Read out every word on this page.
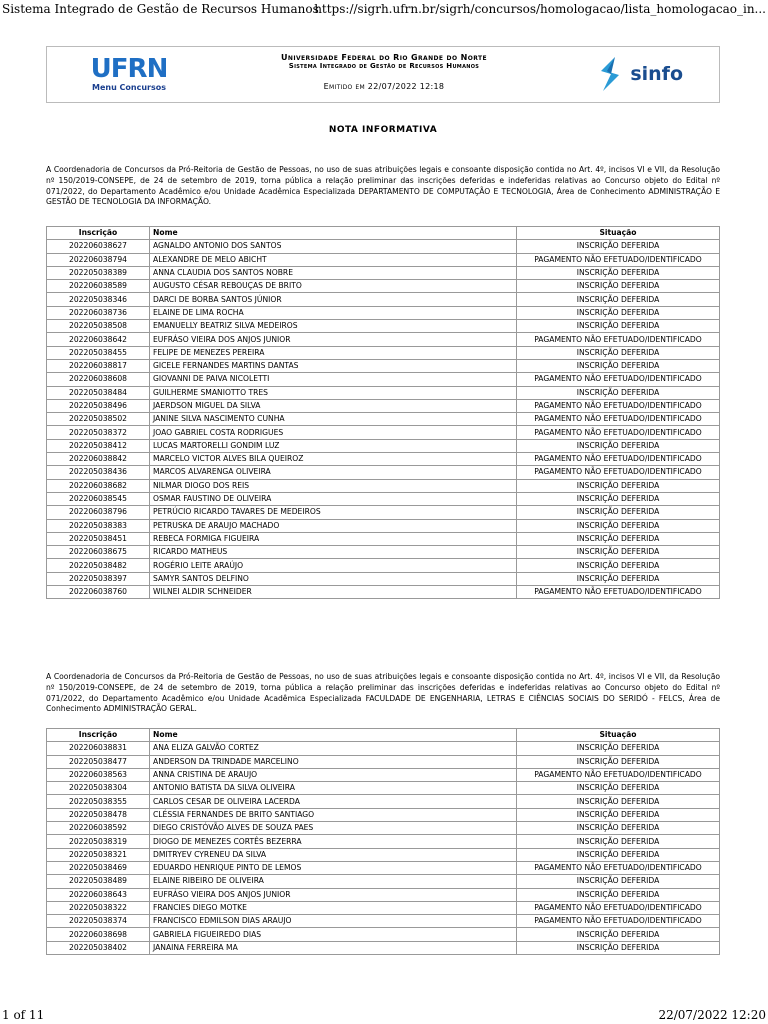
Sistema Integrado de Gestão de Recursos Humanos
https://sigrh.ufrn.br/sigrh/concursos/homologacao/lista_homologacao_in...
UFRN
Menu Concursos
Universidade Federal do Rio Grande do Norte
Sistema Integrado de Gestão de Recursos Humanos
Emitido em 22/07/2022 12:18
sinfo
NOTA INFORMATIVA
A Coordenadoria de Concursos da Pró-Reitoria de Gestão de Pessoas, no uso de suas atribuições legais e consoante disposição contida no Art. 4º, incisos VI e VII, da Resolução nº 150/2019-CONSEPE, de 24 de setembro de 2019, torna pública a relação preliminar das inscrições deferidas e indeferidas relativas ao Concurso objeto do Edital nº 071/2022, do Departamento Acadêmico e/ou Unidade Acadêmica Especializada DEPARTAMENTO DE COMPUTAÇÃO E TECNOLOGIA, Área de Conhecimento ADMINISTRAÇÃO E GESTÃO DE TECNOLOGIA DA INFORMAÇÃO.
Inscrição	Nome	Situação
202206038627	AGNALDO ANTONIO DOS SANTOS	INSCRIÇÃO DEFERIDA
202206038794	ALEXANDRE DE MELO ABICHT	PAGAMENTO NÃO EFETUADO/IDENTIFICADO
202205038389	ANNA CLAUDIA DOS SANTOS NOBRE	INSCRIÇÃO DEFERIDA
202206038589	AUGUSTO CÉSAR REBOUÇAS DE BRITO	INSCRIÇÃO DEFERIDA
202205038346	DARCI DE BORBA SANTOS JÚNIOR	INSCRIÇÃO DEFERIDA
202206038736	ELAINE DE LIMA ROCHA	INSCRIÇÃO DEFERIDA
202205038508	EMANUELLY BEATRIZ SILVA MEDEIROS	INSCRIÇÃO DEFERIDA
202206038642	EUFRÁSO VIEIRA DOS ANJOS JUNIOR	PAGAMENTO NÃO EFETUADO/IDENTIFICADO
202205038455	FELIPE DE MENEZES PEREIRA	INSCRIÇÃO DEFERIDA
202206038817	GICELE FERNANDES MARTINS DANTAS	INSCRIÇÃO DEFERIDA
202206038608	GIOVANNI DE PAIVA NICOLETTI	PAGAMENTO NÃO EFETUADO/IDENTIFICADO
202205038484	GUILHERME SMANIOTTO TRES	INSCRIÇÃO DEFERIDA
202205038496	JAERDSON MIGUEL DA SILVA	PAGAMENTO NÃO EFETUADO/IDENTIFICADO
202205038502	JANINE SILVA NASCIMENTO CUNHA	PAGAMENTO NÃO EFETUADO/IDENTIFICADO
202205038372	JOAO GABRIEL COSTA RODRIGUES	PAGAMENTO NÃO EFETUADO/IDENTIFICADO
202205038412	LUCAS MARTORELLI GONDIM LUZ	INSCRIÇÃO DEFERIDA
202206038842	MARCELO VICTOR ALVES BILA QUEIROZ	PAGAMENTO NÃO EFETUADO/IDENTIFICADO
202205038436	MARCOS ALVARENGA OLIVEIRA	PAGAMENTO NÃO EFETUADO/IDENTIFICADO
202206038682	NILMAR DIOGO DOS REIS	INSCRIÇÃO DEFERIDA
202206038545	OSMAR FAUSTINO DE OLIVEIRA	INSCRIÇÃO DEFERIDA
202206038796	PETRÚCIO RICARDO TAVARES DE MEDEIROS	INSCRIÇÃO DEFERIDA
202205038383	PETRUSKA DE ARAUJO MACHADO	INSCRIÇÃO DEFERIDA
202205038451	REBECA FORMIGA FIGUEIRA	INSCRIÇÃO DEFERIDA
202206038675	RICARDO MATHEUS	INSCRIÇÃO DEFERIDA
202205038482	ROGÉRIO LEITE ARAÚJO	INSCRIÇÃO DEFERIDA
202205038397	SAMYR SANTOS DELFINO	INSCRIÇÃO DEFERIDA
202206038760	WILNEI ALDIR SCHNEIDER	PAGAMENTO NÃO EFETUADO/IDENTIFICADO
A Coordenadoria de Concursos da Pró-Reitoria de Gestão de Pessoas, no uso de suas atribuições legais e consoante disposição contida no Art. 4º, incisos VI e VII, da Resolução nº 150/2019-CONSEPE, de 24 de setembro de 2019, torna pública a relação preliminar das inscrições deferidas e indeferidas relativas ao Concurso objeto do Edital nº 071/2022, do Departamento Acadêmico e/ou Unidade Acadêmica Especializada FACULDADE DE ENGENHARIA, LETRAS E CIÊNCIAS SOCIAIS DO SERIDÓ - FELCS, Área de Conhecimento ADMINISTRAÇÃO GERAL.
Inscrição	Nome	Situação
202206038831	ANA ELIZA GALVÃO CORTEZ	INSCRIÇÃO DEFERIDA
202205038477	ANDERSON DA TRINDADE MARCELINO	INSCRIÇÃO DEFERIDA
202206038563	ANNA CRISTINA DE ARAUJO	PAGAMENTO NÃO EFETUADO/IDENTIFICADO
202205038304	ANTONIO BATISTA DA SILVA OLIVEIRA	INSCRIÇÃO DEFERIDA
202205038355	CARLOS CESAR DE OLIVEIRA LACERDA	INSCRIÇÃO DEFERIDA
202205038478	CLÉSSIA FERNANDES DE BRITO SANTIAGO	INSCRIÇÃO DEFERIDA
202206038592	DIEGO CRISTÓVÃO ALVES DE SOUZA PAES	INSCRIÇÃO DEFERIDA
202205038319	DIOGO DE MENEZES CORTÊS BEZERRA	INSCRIÇÃO DEFERIDA
202205038321	DMITRYEV CYRENEU DA SILVA	INSCRIÇÃO DEFERIDA
202205038469	EDUARDO HENRIQUE PINTO DE LEMOS	PAGAMENTO NÃO EFETUADO/IDENTIFICADO
202205038489	ELAINE RIBEIRO DE OLIVEIRA	INSCRIÇÃO DEFERIDA
202206038643	EUFRÁSO VIEIRA DOS ANJOS JUNIOR	INSCRIÇÃO DEFERIDA
202205038322	FRANCIES DIEGO MOTKE	PAGAMENTO NÃO EFETUADO/IDENTIFICADO
202205038374	FRANCISCO EDMILSON DIAS ARAUJO	PAGAMENTO NÃO EFETUADO/IDENTIFICADO
202206038698	GABRIELA FIGUEIREDO DIAS	INSCRIÇÃO DEFERIDA
202205038402	JANAINA FERREIRA MA	INSCRIÇÃO DEFERIDA
1 of 11	22/07/2022 12:20
